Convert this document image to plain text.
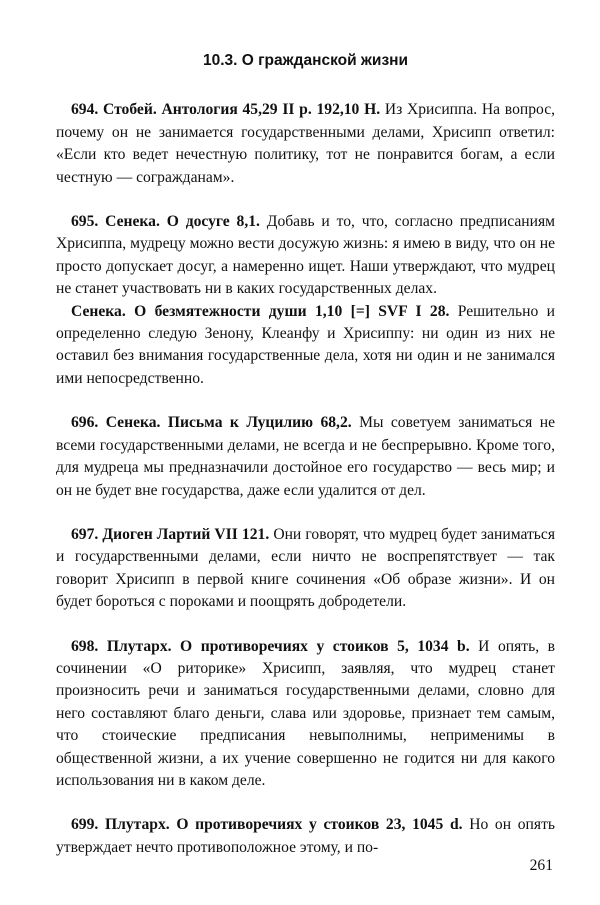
10.3. О гражданской жизни

694. Стобей. Антология 45,29 II p. 192,10 H. Из Хрисиппа. На вопрос, почему он не занимается государственными делами, Хрисипп ответил: «Если кто ведет нечестную политику, тот не понравится богам, а если честную — согражданам».

695. Сенека. О досуге 8,1. Добавь и то, что, согласно предписаниям Хрисиппа, мудрецу можно вести досужую жизнь: я имею в виду, что он не просто допускает досуг, а намеренно ищет. Наши утверждают, что мудрец не станет участвовать ни в каких государственных делах.

Сенека. О безмятежности души 1,10 [=] SVF I 28. Решительно и определенно следую Зенону, Клеанфу и Хрисиппу: ни один из них не оставил без внимания государственные дела, хотя ни один и не занимался ими непосредственно.

696. Сенека. Письма к Луцилию 68,2. Мы советуем заниматься не всеми государственными делами, не всегда и не беспрерывно. Кроме того, для мудреца мы предназначили достойное его государство — весь мир; и он не будет вне государства, даже если удалится от дел.

697. Диоген Лартий VII 121. Они говорят, что мудрец будет заниматься и государственными делами, если ничто не воспрепятствует — так говорит Хрисипп в первой книге сочинения «Об образе жизни». И он будет бороться с пороками и поощрять добродетели.

698. Плутарх. О противоречиях у стоиков 5, 1034 b. И опять, в сочинении «О риторике» Хрисипп, заявляя, что мудрец станет произносить речи и заниматься государственными делами, словно для него составляют благо деньги, слава или здоровье, признает тем самым, что стоические предписания невыполнимы, неприменимы в общественной жизни, а их учение совершенно не годится ни для какого использования ни в каком деле.

699. Плутарх. О противоречиях у стоиков 23, 1045 d. Но он опять утверждает нечто противоположное этому, и по-

261
